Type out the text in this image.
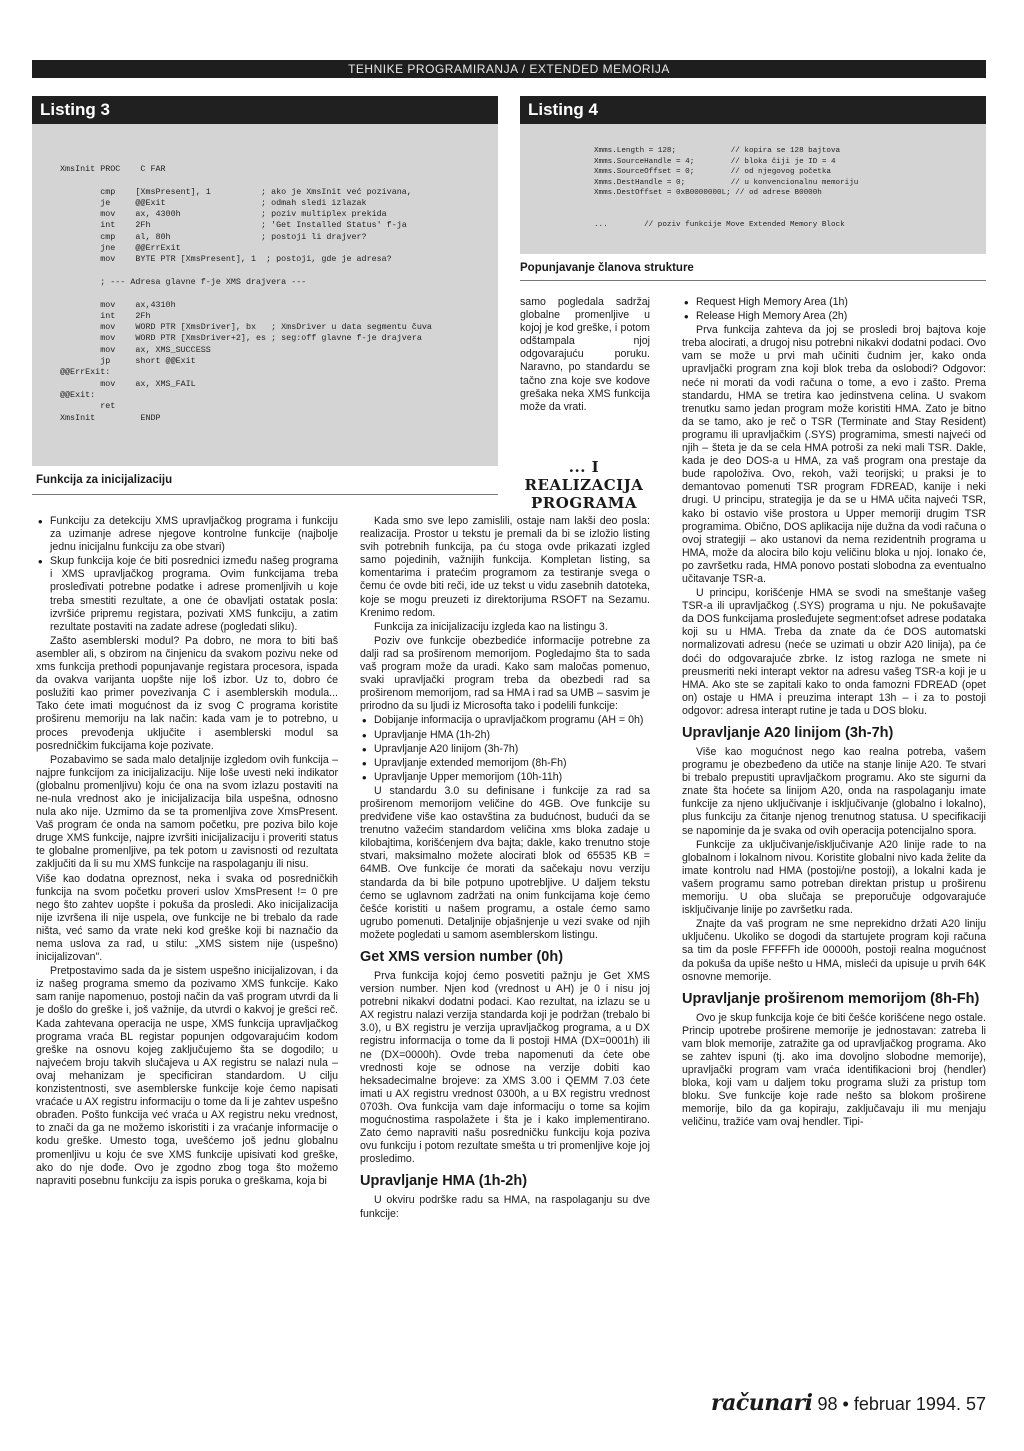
TEHNIKE PROGRAMIRANJA / EXTENDED MEMORIJA
Listing 3
XmsInit PROC    C FAR

cmp    [XmsPresent], 1          ; ako je XmsInit već pozivana,
je     @@Exit                   ; odmah sledi izlazak
mov    ax, 4300h                ; poziv multiplex prekida
int    2Fh                      ; 'Get Installed Status' f-ja
cmp    al, 80h                  ; postoji li drajver?
jne    @@ErrExit
mov    BYTE PTR [XmsPresent], 1  ; postoji, gde je adresa?

; --- Adresa glavne f-je XMS drajvera ---

mov    ax,4310h
int    2Fh
mov    WORD PTR [XmsDriver], bx   ; XmsDriver u data segmentu čuva
mov    WORD PTR [XmsDriver+2], es ; seg:off glavne f-je drajvera
mov    ax, XMS_SUCCESS
jp     short @@Exit
@@ErrExit:
mov    ax, XMS_FAIL
@@Exit:
ret
XmsInit         ENDP
Funkcija za inicijalizaciju
Listing 4
Xmms.Length = 128;            // kopira se 128 bajtova
Xmms.SourceHandle = 4;        // bloka čiji je ID = 4
Xmms.SourceOffset = 0;        // od njegovog početka
Xmms.DestHandle = 0;          // u konvencionalnu memoriju
Xmms.DestOffset = 0xB0000000L; // od adrese B0000h

...        // poziv funkcije Move Extended Memory Block
Popunjavanje članova strukture
• Funkciju za detekciju XMS upravljačkog programa i funkciju za uzimanje adrese njegove kontrolne funkcije (najbolje jednu inicijalnu funkciju za obe stvari)
• Skup funkcija koje će biti posrednici između našeg programa i XMS upravljačkog programa. Ovim funkcijama treba prosleđivati potrebne podatke i adrese promenljivih u koje treba smestiti rezultate, a one će obavljati ostatak posla: izvršiće pripremu registara, pozivati XMS funkciju, a zatim rezultate postaviti na zadate adrese (pogledati sliku).

Zašto asemblerski modul? Pa dobro, ne mora to biti baš asembler ali, s obzirom na činjenicu da svakom pozivu neke od xms funkcija prethodi popunjavanje registara procesora, ispada da ovakva varijanta uopšte nije loš izbor. Uz to, dobro će poslužiti kao primer povezivanja C i asemblerskih modula... Tako ćete imati mogućnost da iz svog C programa koristite proširenu memoriju na lak način: kada vam je to potrebno, u proces prevođenja uključite i asemblerski modul sa posredničkim fukcijama koje pozivate.

Pozabavimo se sada malo detaljnije izgledom ovih funkcija – najpre funkcijom za inicijalizaciju. Nije loše uvesti neki indikator (globalnu promenljivu) koju će ona na svom izlazu postaviti na ne-nula vrednost ako je inicijalizacija bila uspešna, odnosno nula ako nije. Uzmimo da se ta promenljiva zove XmsPresent. Vaš program će onda na samom početku, pre poziva bilo koje druge XMS funkcije, najpre izvršiti inicijalizaciju i proveriti status te globalne promenljive, pa tek potom u zavisnosti od rezultata zaključiti da li su mu XMS funkcije na raspolaganju ili nisu.

Više kao dodatna opreznost, neka i svaka od posredničkih funkcija na svom početku proveri uslov XmsPresent != 0 pre nego što zahtev uopšte i pokuša da prosledi. Ako inicijalizacija nije izvršena ili nije uspela, ove funkcije ne bi trebalo da rade ništa, već samo da vrate neki kod greške koji bi naznačio da nema uslova za rad, u stilu: „XMS sistem nije (uspešno) inicijalizovan".

Pretpostavimo sada da je sistem uspešno inicijalizovan, i da iz našeg programa smemo da pozivamo XMS funkcije. Kako sam ranije napomenuo, postoji način da vaš program utvrdi da li je došlo do greške i, još važnije, da utvrdi o kakvoj je grešci reč. Kada zahtevana operacija ne uspe, XMS funkcija upravljačkog programa vraća BL registar popunjen odgovarajućim kodom greške na osnovu kojeg zaključujemo šta se dogodilo; u najvećem broju takvih slučajeva u AX registru se nalazi nula – ovaj mehanizam je specificiran standardom. U cilju konzistentnosti, sve asemblerske funkcije koje ćemo napisati vraćaće u AX registru informaciju o tome da li je zahtev uspešno obrađen. Pošto funkcija već vraća u AX registru neku vrednost, to znači da ga ne možemo iskoristiti i za vraćanje informacije o kodu greške. Umesto toga, uvešćemo još jednu globalnu promenljivu u koju će sve XMS funkcije upisivati kod greške, ako do nje dođe. Ovo je zgodno zbog toga što možemo napraviti posebnu funkciju za ispis poruka o greškama, koja bi

samo pogledala sadržaj globalne promenljive u kojoj je kod greške, i potom odštampala njoj odgovarajuću poruku. Naravno, po standardu se tačno zna koje sve kodove grešaka neka XMS funkcija može da vrati.

... I REALIZACIJA PROGRAMA

Kada smo sve lepo zamislili, ostaje nam lakši deo posla: realizacija. Prostor u tekstu je premali da bi se izložio listing svih potrebnih funkcija, pa ću stoga ovde prikazati izgled samo pojedinih, važnijih funkcija. Kompletan listing, sa komentarima i pratećim programom za testiranje svega o čemu će ovde biti reči, ide uz tekst u vidu zasebnih datoteka, koje se mogu preuzeti iz direktorijuma RSOFT na Sezamu. Krenimo redom.

Funkcija za inicijalizaciju izgleda kao na listingu 3.

Poziv ove funkcije obezbediće informacije potrebne za dalji rad sa proširenom memorijom. Pogledajmo šta to sada vaš program može da uradi. Kako sam maločas pomenuo, svaki upravljački program treba da obezbedi rad sa proširenom memorijom, rad sa HMA i rad sa UMB – sasvim je prirodno da su ljudi iz Microsofta tako i podelili funkcije:

• Dobijanje informacija o upravljačkom programu (AH = 0h)
• Upravljanje HMA (1h-2h)
• Upravljanje A20 linijom (3h-7h)
• Upravljanje extended memorijom (8h-Fh)
• Upravljanje Upper memorijom (10h-11h)

U standardu 3.0 su definisane i funkcije za rad sa proširenom memorijom veličine do 4GB. Ove funkcije su predviđene više kao ostavština za budućnost, budući da se trenutno važećim standardom veličina xms bloka zadaje u kilobajtima, korišćenjem dva bajta; dakle, kako trenutno stoje stvari, maksimalno možete alocirati blok od 65535 KB = 64MB. Ove funkcije će morati da sačekaju novu verziju standarda da bi bile potpuno upotrebljive. U daljem tekstu ćemo se uglavnom zadržati na onim funkcijama koje ćemo češće koristiti u našem programu, a ostale ćemo samo ugrubo pomenuti. Detaljnije objašnjenje u vezi svake od njih možete pogledati u samom asemblerskom listingu.

Get XMS version number (0h)

Prva funkcija kojoj ćemo posvetiti pažnju je Get XMS version number. Njen kod (vrednost u AH) je 0 i nisu joj potrebni nikakvi dodatni podaci. Kao rezultat, na izlazu se u AX registru nalazi verzija standarda koji je podržan (trebalo bi 3.0), u BX registru je verzija upravljačkog programa, a u DX registru informacija o tome da li postoji HMA (DX=0001h) ili ne (DX=0000h). Ovde treba napomenuti da ćete obe vrednosti koje se odnose na verzije dobiti kao heksadecimalne brojeve: za XMS 3.00 i QEMM 7.03 ćete imati u AX registru vrednost 0300h, a u BX registru vrednost 0703h. Ova funkcija vam daje informaciju o tome sa kojim mogućnostima raspolažete i šta je i kako implementirano. Zato ćemo napraviti našu posredničku funkciju koja poziva ovu funkciju i potom rezultate smešta u tri promenljive koje joj prosledimo.

Upravljanje HMA (1h-2h)

U okviru podrške radu sa HMA, na raspolaganju su dve funkcije:

• Request High Memory Area (1h)
• Release High Memory Area (2h)

Prva funkcija zahteva da joj se prosledi broj bajtova koje treba alocirati, a drugoj nisu potrebni nikakvi dodatni podaci. Ovo vam se može u prvi mah učiniti čudnim jer, kako onda upravljački program zna koji blok treba da oslobodi? Odgovor: neće ni morati da vodi računa o tome, a evo i zašto. Prema standardu, HMA se tretira kao jedinstvena celina. U svakom trenutku samo jedan program može koristiti HMA. Zato je bitno da se tamo, ako je reč o TSR (Terminate and Stay Resident) programu ili upravljačkim (.SYS) programima, smesti najveći od njih – šteta je da se cela HMA potroši za neki mali TSR. Dakle, kada je deo DOS-a u HMA, za vaš program ona prestaje da bude rapoloživa. Ovo, rekoh, važi teorijski; u praksi je to demantovao pomenuti TSR program FDREAD, kanije i neki drugi. U principu, strategija je da se u HMA učita najveći TSR, kako bi ostavio više prostora u Upper memoriji drugim TSR programima. Obično, DOS aplikacija nije dužna da vodi računa o ovoj strategiji – ako ustanovi da nema rezidentnih programa u HMA, može da alocira bilo koju veličinu bloka u njoj. Ionako će, po završetku rada, HMA ponovo postati slobodna za eventualno učitavanje TSR-a.

U principu, korišćenje HMA se svodi na smeštanje vašeg TSR-a ili upravljačkog (.SYS) programa u nju. Ne pokušavajte da DOS funkcijama prosleđujete segment:ofset adrese podataka koji su u HMA. Treba da znate da će DOS automatski normalizovati adresu (neće se uzimati u obzir A20 linija), pa će doći do odgovarajuće zbrke. Iz istog razloga ne smete ni preusmeriti neki interapt vektor na adresu vašeg TSR-a koji je u HMA. Ako ste se zapitali kako to onda famozni FDREAD (opet on) ostaje u HMA i preuzima interapt 13h – i za to postoji odgovor: adresa interapt rutine je tada u DOS bloku.

Upravljanje A20 linijom (3h-7h)

Više kao mogućnost nego kao realna potreba, vašem programu je obezbeđeno da utiče na stanje linije A20. Te stvari bi trebalo prepustiti upravljačkom programu. Ako ste sigurni da znate šta hoćete sa linijom A20, onda na raspolaganju imate funkcije za njeno uključivanje i isključivanje (globalno i lokalno), plus funkciju za čitanje njenog trenutnog statusa. U specifikaciji se napominje da je svaka od ovih operacija potencijalno spora.

Funkcije za uključivanje/isključivanje A20 linije rade to na globalnom i lokalnom nivou. Koristite globalni nivo kada želite da imate kontrolu nad HMA (postoji/ne postoji), a lokalni kada je vašem programu samo potreban direktan pristup u proširenu memoriju. U oba slučaja se preporučuje odgovarajuće isključivanje linije po završetku rada.

Znajte da vaš program ne sme neprekidno držati A20 liniju uključenu. Ukoliko se dogodi da startujete program koji računa sa tim da posle FFFFFh ide 00000h, postoji realna mogućnost da pokuša da upiše nešto u HMA, misleći da upisuje u prvih 64K osnovne memorije.

Upravljanje proširenom memorijom (8h-Fh)

Ovo je skup funkcija koje će biti češće korišćene nego ostale. Princip upotrebe proširene memorije je jednostavan: zatreba li vam blok memorije, zatražite ga od upravljačkog programa. Ako se zahtev ispuni (tj. ako ima dovoljno slobodne memorije), upravljački program vam vraća identifikacioni broj (hendler) bloka, koji vam u daljem toku programa služi za pristup tom bloku. Sve funkcije koje rade nešto sa blokom proširene memorije, bilo da ga kopiraju, zaključavaju ili mu menjaju veličinu, tražiće vam ovaj hendler. Tipi-

računari 98 • februar 1994. 57
